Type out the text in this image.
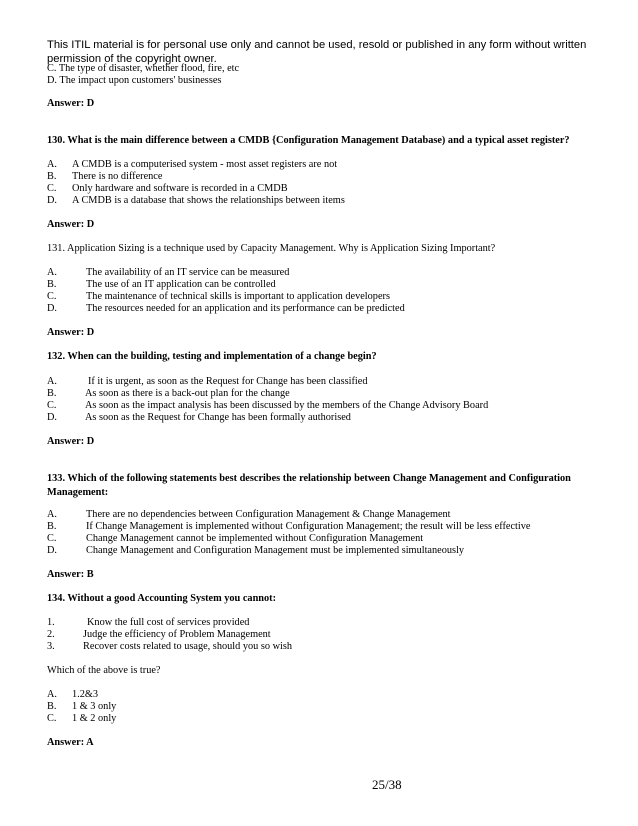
This ITIL material is for personal use only and cannot be used, resold or published in any form without written permission of the copyright owner.
C. The type of disaster, whether flood, fire, etc
D. The impact upon customers' businesses
Answer: D
130. What is the main difference between a CMDB {Configuration Management Database) and a typical asset register?
A. A CMDB is a computerised system - most asset registers are not
B. There is no difference
C. Only hardware and software is recorded in a CMDB
D. A CMDB is a database that shows the relationships between items
Answer: D
131. Application Sizing is a technique used by Capacity Management. Why is Application Sizing Important?
A.	The availability of an IT service can be measured
B.	The use of an IT application can be controlled
C.	The maintenance of technical skills is important to application developers
D.	The resources needed for an application and its performance can be predicted
Answer: D
132. When can the building, testing and implementation of a change begin?
A.	If it is urgent, as soon as the Request for Change has been classified
B.	As soon as there is a back-out plan for the change
C.	As soon as the impact analysis has been discussed by the members of the Change Advisory Board
D.	As soon as the Request for Change has been formally authorised
Answer: D
133. Which of the following statements best describes the relationship between Change Management and Configuration Management:
A.	There are no dependencies between Configuration Management & Change Management
B.	If Change Management is implemented without Configuration Management; the result will be less effective
C.	Change Management cannot be implemented without Configuration Management
D.	Change Management and Configuration Management must be implemented simultaneously
Answer: B
134. Without a good Accounting System you cannot:
1.	Know the full cost of services provided
2.	Judge the efficiency of Problem Management
3.	Recover costs related to usage, should you so wish
Which of the above is true?
A. 1.2&3
B. 1 & 3 only
C. 1 & 2 only
Answer: A
25/38
